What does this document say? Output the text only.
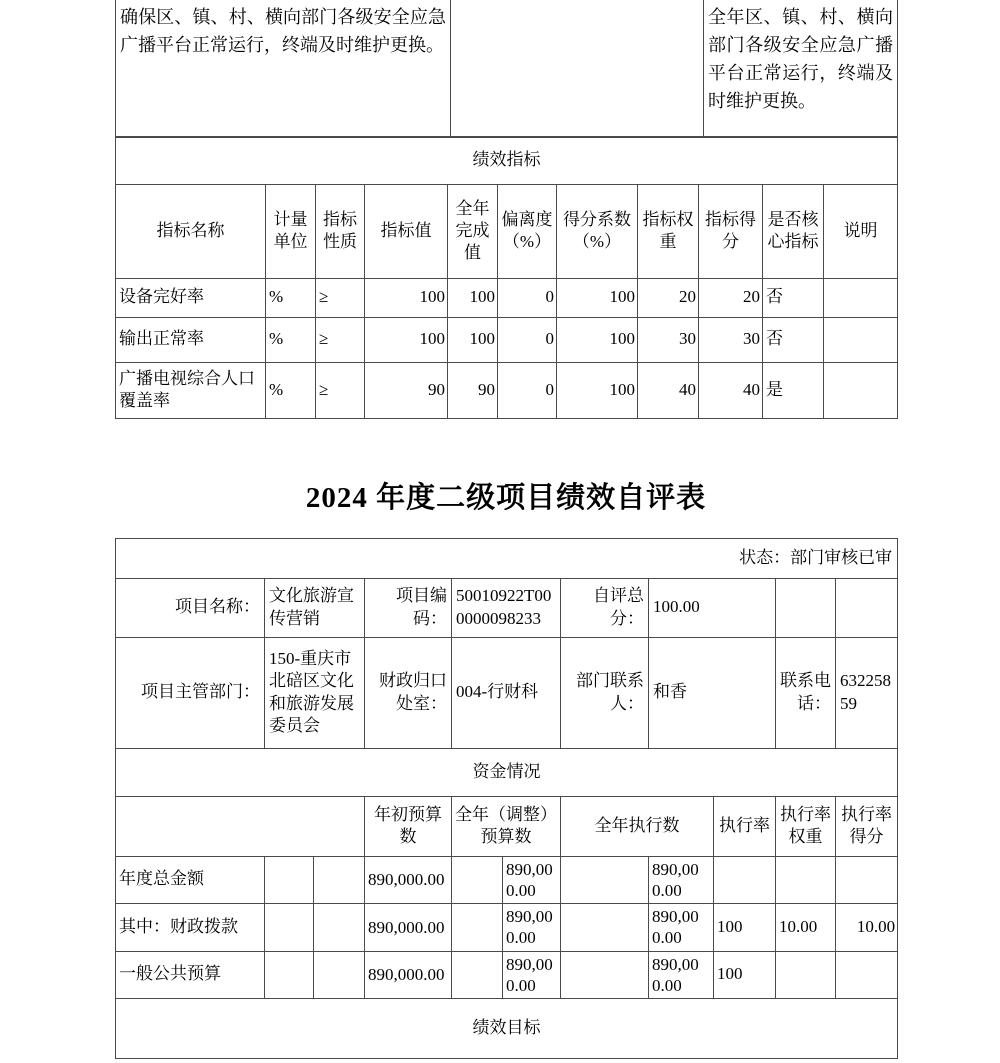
确保区、镇、村、横向部门各级安全应急广播平台正常运行，终端及时维护更换。		全年区、镇、村、横向部门各级安全应急广播平台正常运行，终端及时维护更换。
绩效指标										
指标名称	计量单位	指标性质	指标值	全年完成值	偏离度（%）	得分系数（%）	指标权重	指标得分	是否核心指标	说明
设备完好率	%	≥	100	100	0	100	20	20	否	
输出正常率	%	≥	100	100	0	100	30	30	否	
广播电视综合人口覆盖率	%	≥	90	90	0	100	40	40	是	
2024 年度二级项目绩效自评表
状态：部门审核已审										
项目名称：	文化旅游宣传营销		项目编码：	50010922T000000098233		自评总分：	100.00			
项目主管部门：	150-重庆市北碚区文化和旅游发展委员会		财政归口处室：	004-行财科		部门联系人：	和香		联系电话：	63225859
资金情况										
			年初预算数	全年（调整）预算数		全年执行数		执行率	执行率权重	执行率得分
年度总金额			890,000.00		890,000.00		890,000.00			
其中：财政拨款			890,000.00		890,000.00		890,000.00	100	10.00	10.00
一般公共预算			890,000.00		890,000.00		890,000.00	100		
绩效目标										
